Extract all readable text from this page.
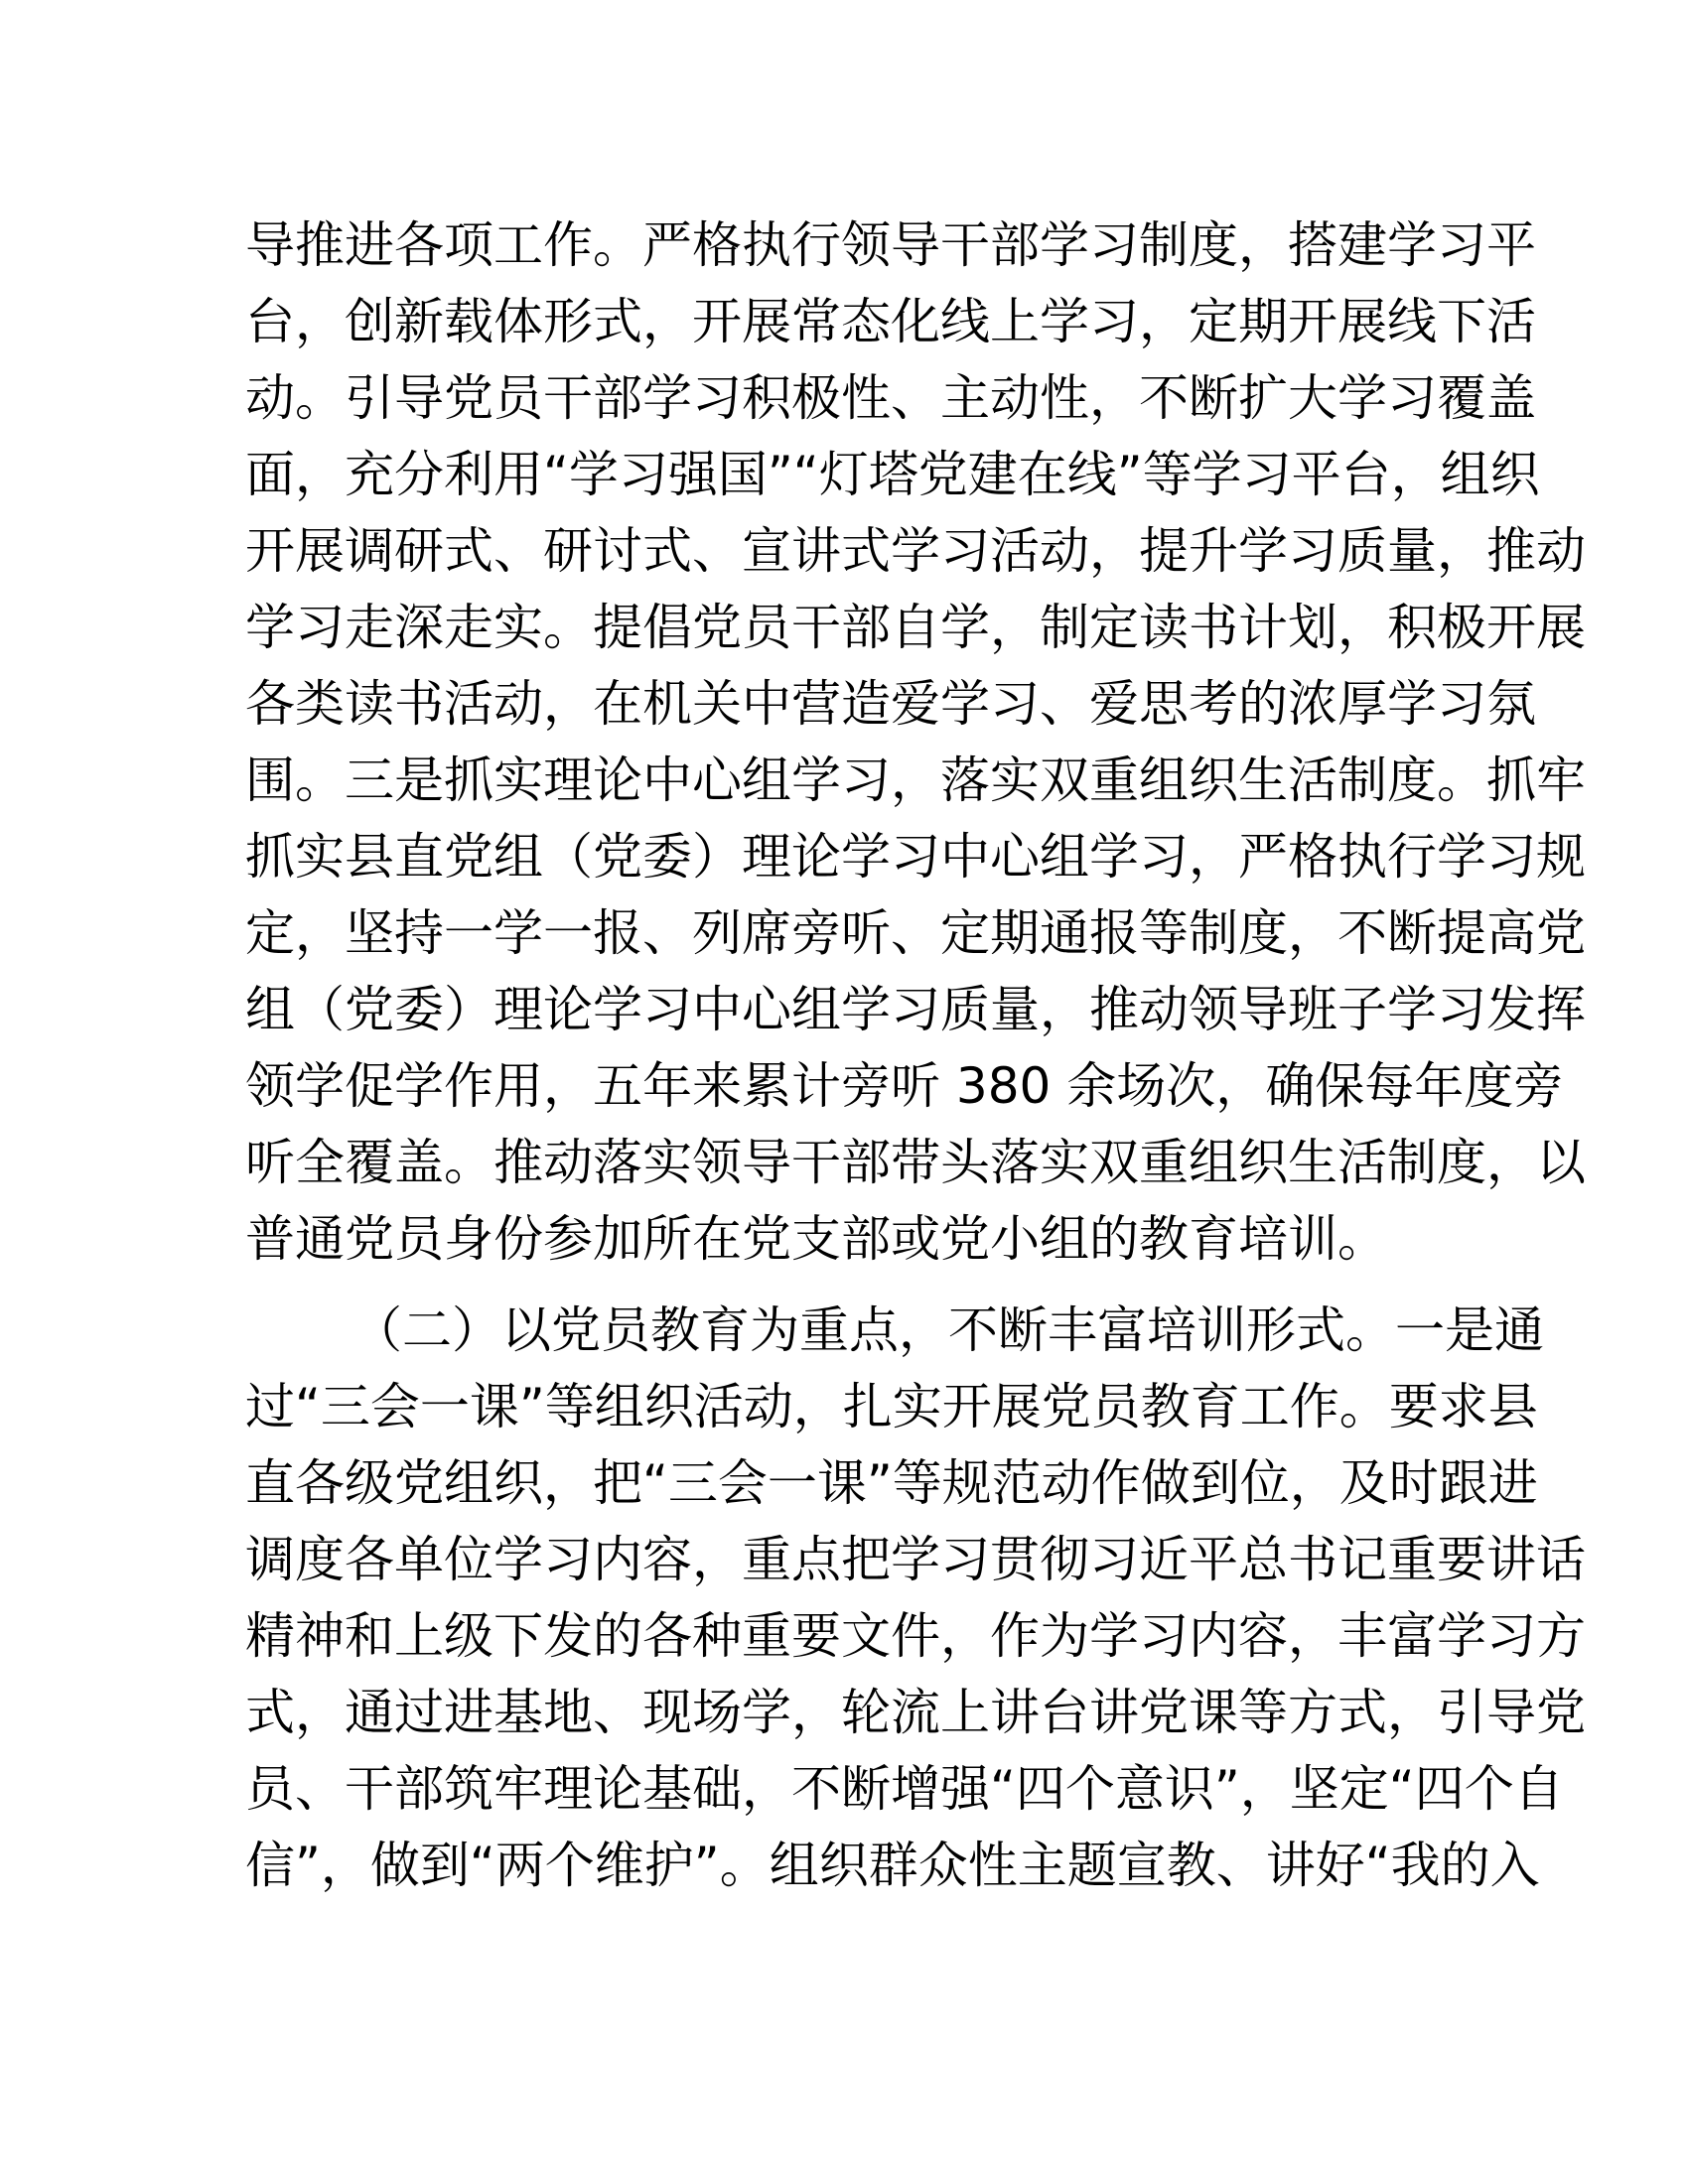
导推进各项工作。严格执行领导干部学习制度，搭建学习平
台，创新载体形式，开展常态化线上学习，定期开展线下活
动。引导党员干部学习积极性、主动性，不断扩大学习覆盖
面，充分利用“学习强国”“灯塔党建在线”等学习平台，组织
开展调研式、研讨式、宣讲式学习活动，提升学习质量，推动
学习走深走实。提倡党员干部自学，制定读书计划，积极开展
各类读书活动，在机关中营造爱学习、爱思考的浓厚学习氛
围。三是抓实理论中心组学习，落实双重组织生活制度。抓牢
抓实县直党组（党委）理论学习中心组学习，严格执行学习规
定，坚持一学一报、列席旁听、定期通报等制度，不断提高党
组（党委）理论学习中心组学习质量，推动领导班子学习发挥
领学促学作用，五年来累计旁听 380 余场次，确保每年度旁
听全覆盖。推动落实领导干部带头落实双重组织生活制度，以
普通党员身份参加所在党支部或党小组的教育培训。
（二）以党员教育为重点，不断丰富培训形式。一是通
过“三会一课”等组织活动，扎实开展党员教育工作。要求县
直各级党组织，把“三会一课”等规范动作做到位，及时跟进
调度各单位学习内容，重点把学习贯彻习近平总书记重要讲话
精神和上级下发的各种重要文件，作为学习内容，丰富学习方
式，通过进基地、现场学，轮流上讲台讲党课等方式，引导党
员、干部筑牢理论基础，不断增强“四个意识”，坚定“四个自
信”，做到“两个维护”。组织群众性主题宣教、讲好“我的入
